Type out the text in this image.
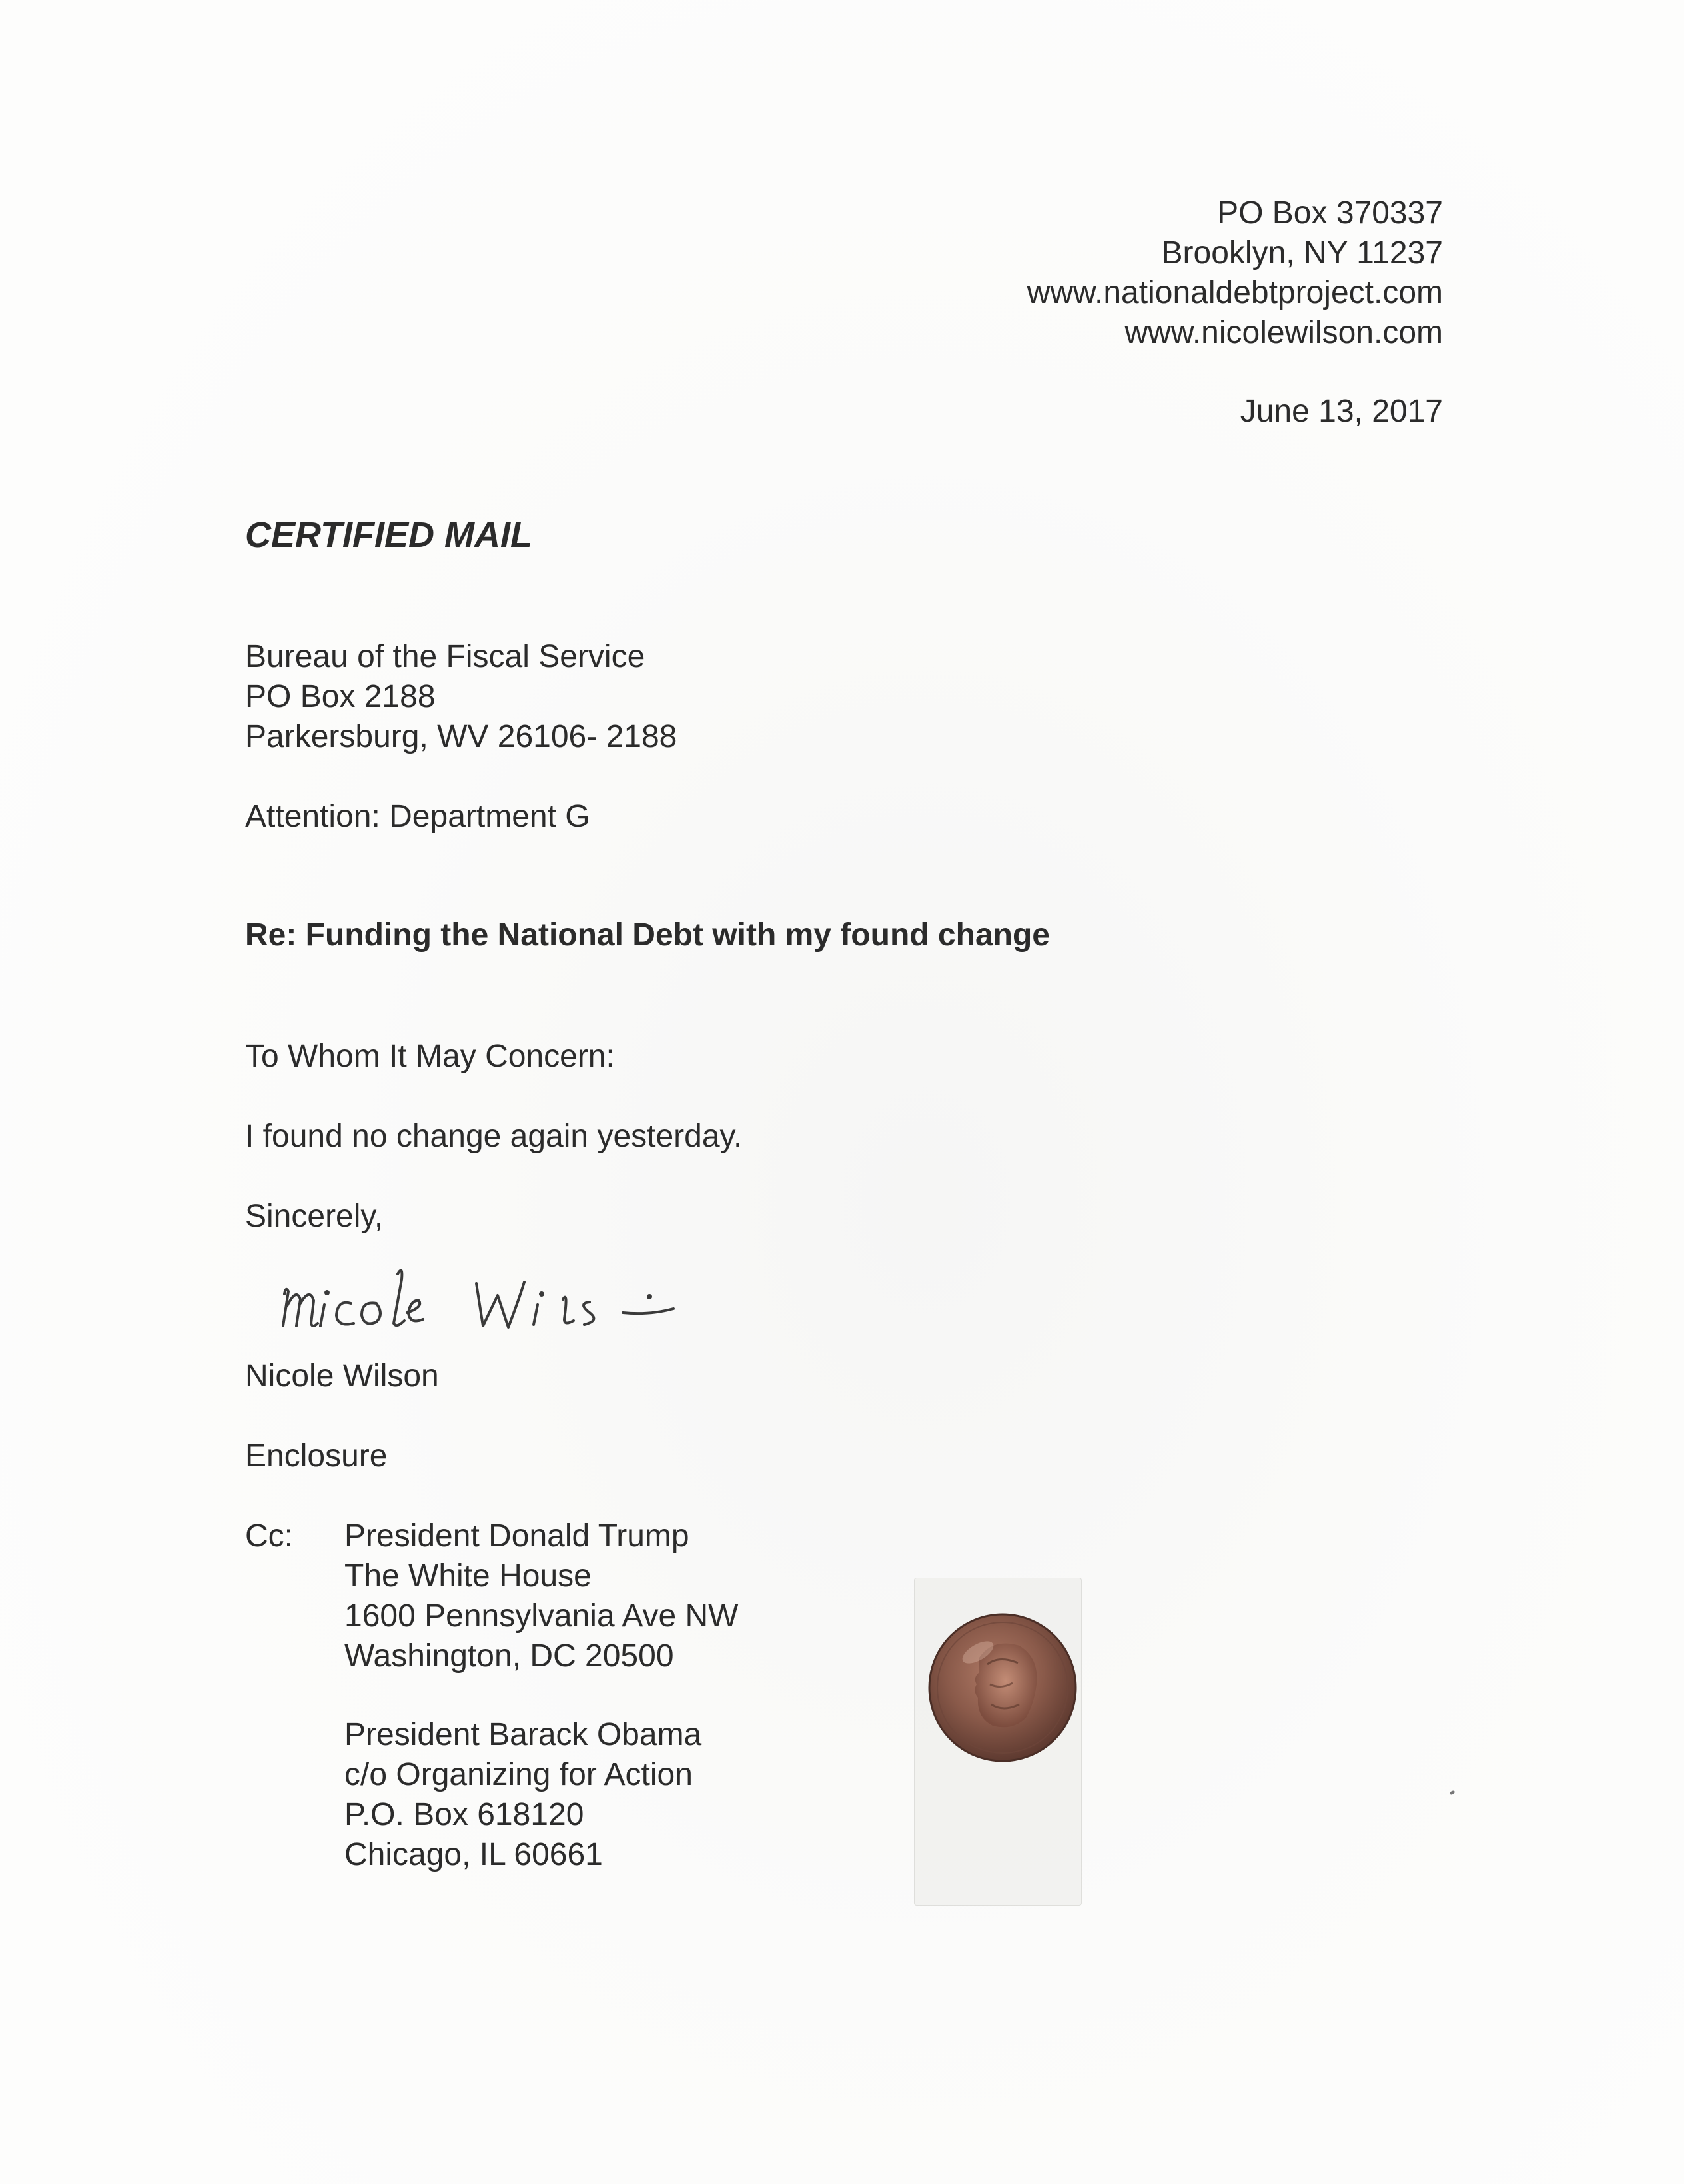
PO Box 370337
Brooklyn, NY 11237
www.nationaldebtproject.com
www.nicolewilson.com
June 13, 2017
CERTIFIED MAIL
Bureau of the Fiscal Service
PO Box 2188
Parkersburg, WV 26106- 2188
Attention: Department G
Re: Funding the National Debt with my found change
To Whom It May Concern:
I found no change again yesterday.
Sincerely,
Nicole Wilson
Enclosure
Cc: President Donald Trump
The White House
1600 Pennsylvania Ave NW
Washington, DC 20500
President Barack Obama
c/o Organizing for Action
P.O. Box 618120
Chicago, IL 60661
